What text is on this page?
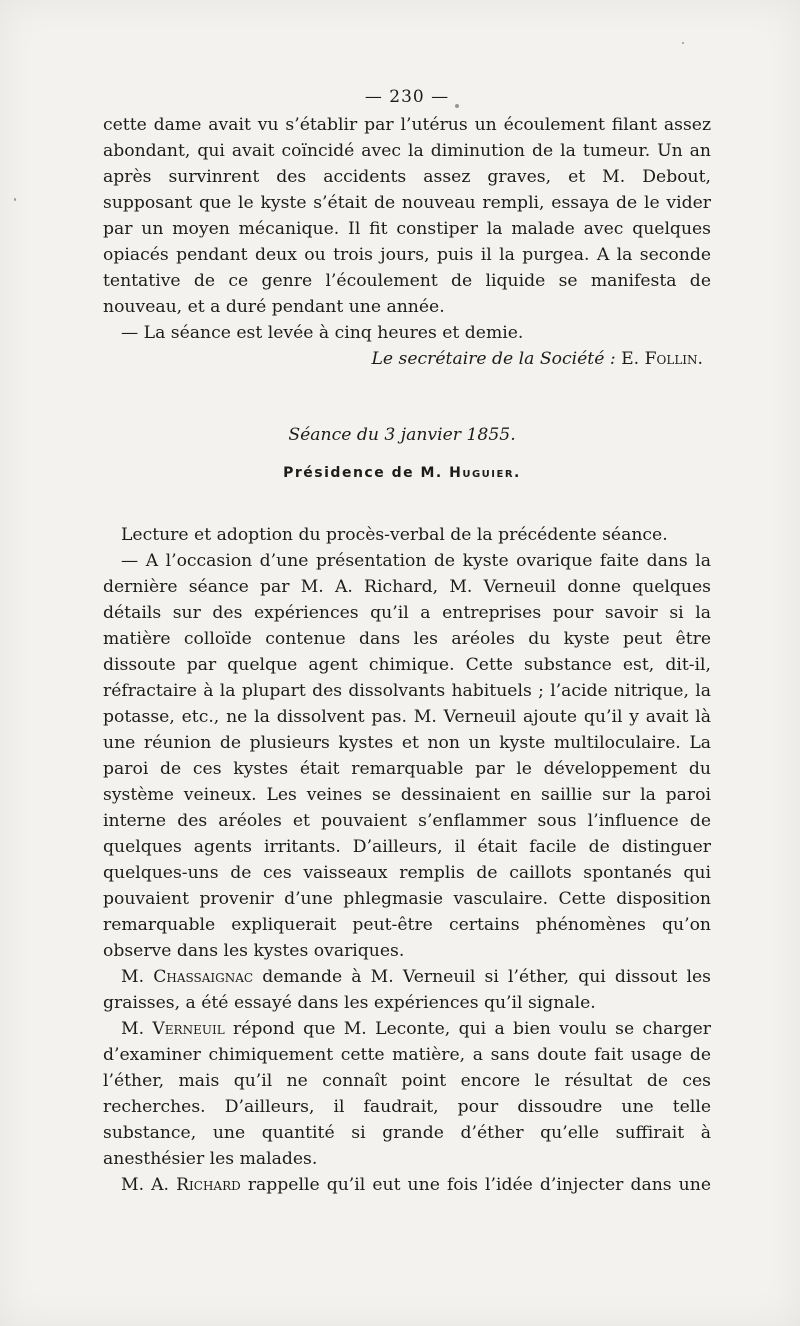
— 230 —

cette dame avait vu s’établir par l’utérus un écoulement filant assez abondant, qui avait coïncidé avec la diminution de la tumeur. Un an après survinrent des accidents assez graves, et M. Debout, supposant que le kyste s’était de nouveau rempli, essaya de le vider par un moyen mécanique. Il fit constiper la malade avec quelques opiacés pendant deux ou trois jours, puis il la purgea. A la seconde tentative de ce genre l’écoulement de liquide se manifesta de nouveau, et a duré pendant une année.

— La séance est levée à cinq heures et demie.

Le secrétaire de la Société : E. Follin.

Séance du 3 janvier 1855.
Présidence de M. Huguier.

Lecture et adoption du procès-verbal de la précédente séance.

— A l’occasion d’une présentation de kyste ovarique faite dans la dernière séance par M. A. Richard, M. Verneuil donne quelques détails sur des expériences qu’il a entreprises pour savoir si la matière colloïde contenue dans les aréoles du kyste peut être dissoute par quelque agent chimique. Cette substance est, dit-il, réfractaire à la plupart des dissolvants habituels ; l’acide nitrique, la potasse, etc., ne la dissolvent pas. M. Verneuil ajoute qu’il y avait là une réunion de plusieurs kystes et non un kyste multiloculaire. La paroi de ces kystes était remarquable par le développement du système veineux. Les veines se dessinaient en saillie sur la paroi interne des aréoles et pouvaient s’enflammer sous l’influence de quelques agents irritants. D’ailleurs, il était facile de distinguer quelques-uns de ces vaisseaux remplis de caillots spontanés qui pouvaient provenir d’une phlegmasie vasculaire. Cette disposition remarquable expliquerait peut-être certains phénomènes qu’on observe dans les kystes ovariques.

M. Chassaignac demande à M. Verneuil si l’éther, qui dissout les graisses, a été essayé dans les expériences qu’il signale.

M. Verneuil répond que M. Leconte, qui a bien voulu se charger d’examiner chimiquement cette matière, a sans doute fait usage de l’éther, mais qu’il ne connaît point encore le résultat de ces recherches. D’ailleurs, il faudrait, pour dissoudre une telle substance, une quantité si grande d’éther qu’elle suffirait à anesthésier les malades.

M. A. Richard rappelle qu’il eut une fois l’idée d’injecter dans une
